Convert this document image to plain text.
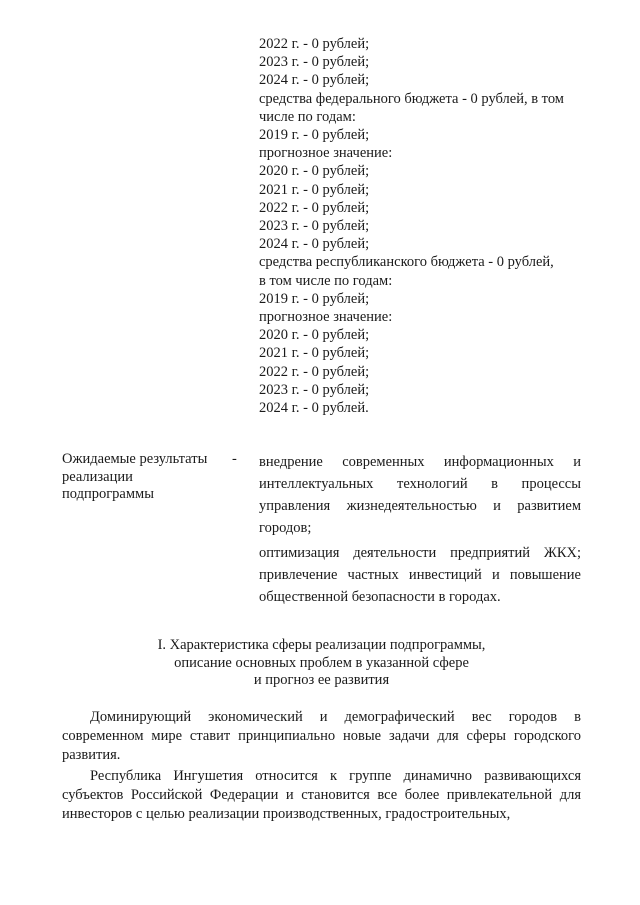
2022 г. - 0 рублей;
2023 г. - 0 рублей;
2024 г. - 0 рублей;
средства федерального бюджета - 0 рублей, в том
числе по годам:
2019 г. - 0 рублей;
прогнозное значение:
2020 г. - 0 рублей;
2021 г. - 0 рублей;
2022 г. - 0 рублей;
2023 г. - 0 рублей;
2024 г. - 0 рублей;
средства республиканского бюджета - 0 рублей,
в том числе по годам:
2019 г. - 0 рублей;
прогнозное значение:
2020 г. - 0 рублей;
2021 г. - 0 рублей;
2022 г. - 0 рублей;
2023 г. - 0 рублей;
2024 г. - 0 рублей.
Ожидаемые результаты реализации подпрограммы
- внедрение современных информационных и интеллектуальных технологий в процессы управления жизнедеятельностью и развитием городов;
оптимизация деятельности предприятий ЖКХ; привлечение частных инвестиций и повышение общественной безопасности в городах.
I. Характеристика сферы реализации подпрограммы,
описание основных проблем в указанной сфере
и прогноз ее развития

Доминирующий экономический и демографический вес городов в современном мире ставит принципиально новые задачи для сферы городского развития.

Республика Ингушетия относится к группе динамично развивающихся субъектов Российской Федерации и становится все более привлекательной для инвесторов с целью реализации производственных, градостроительных,
